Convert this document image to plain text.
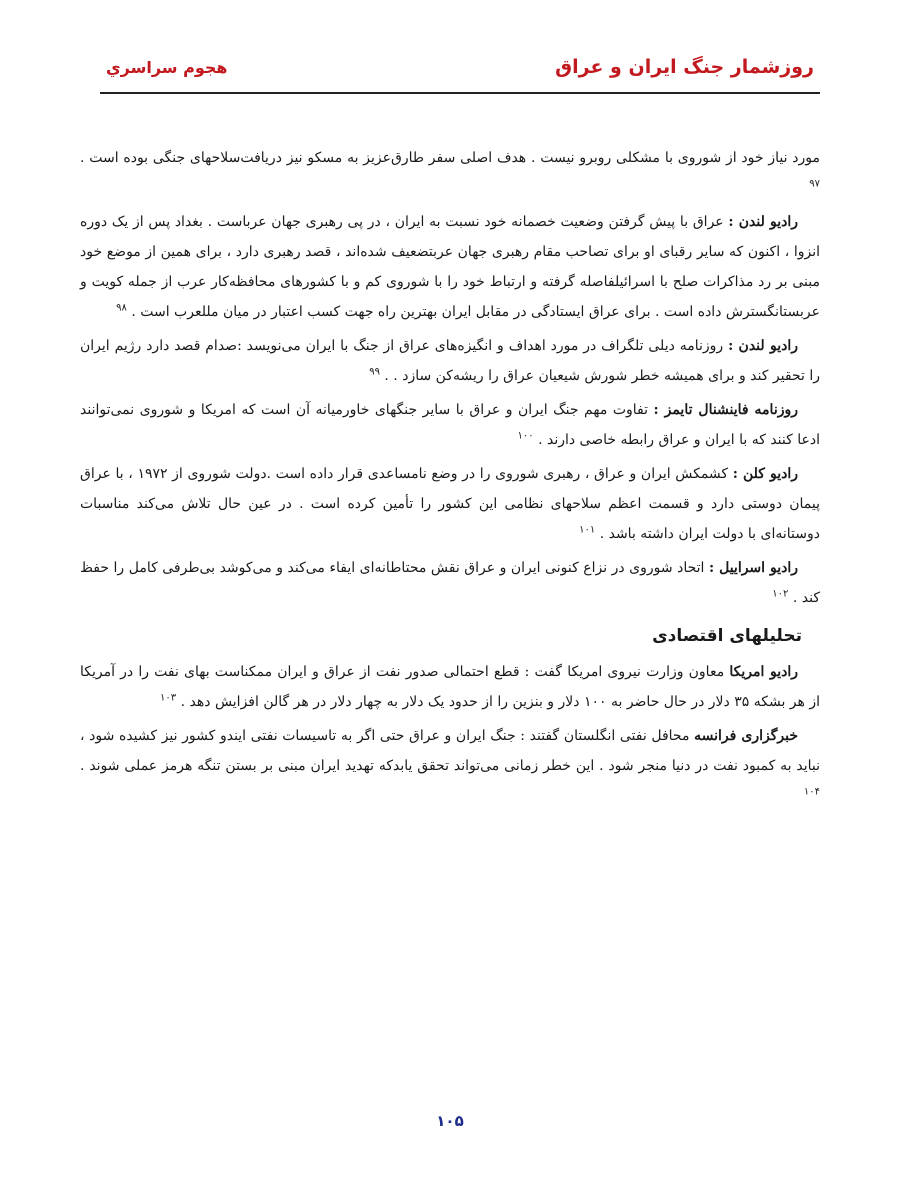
روزشمار جنگ ایران و عراق
هجوم سراسري

مورد نیاز خود از شوروی با مشکلی روبرو نیست . هدف اصلی سفر طارق‌عزیز به مسکو نیز دریافت‌سلاحهای جنگی بوده است . $^{۹۷}$

رادیو لندن : عراق با پیش گرفتن وضعیت خصمانه خود نسبت به ایران ، در پی رهبری جهان عرباست . بغداد پس از یک دوره انزوا ، اکنون که سایر رقبای او برای تصاحب مقام رهبری جهان عربتضعیف شده‌اند ، قصد رهبری دارد ، برای همین از موضع خود مبنی بر رد مذاکرات صلح با اسرائیلفاصله گرفته و ارتباط خود را با شوروی کم و با کشورهای محافظه‌کار عرب از جمله کویت و عربستانگسترش داده است . برای عراق ایستادگی در مقابل ایران بهترین راه جهت کسب اعتبار در میان مللعرب است . $^{۹۸}$

رادیو لندن : روزنامه دیلی تلگراف در مورد اهداف و انگیزه‌های عراق از جنگ با ایران می‌نویسد :صدام قصد دارد رژیم ایران را تحقیر کند و برای همیشه خطر شورش شیعیان عراق را ریشه‌کن سازد . . $^{۹۹}$

روزنامه فاینشنال تایمز : تفاوت مهم جنگ ایران و عراق با سایر جنگهای خاورمیانه آن است که امریکا و شوروی نمی‌توانند ادعا کنند که با ایران و عراق رابطه خاصی دارند . $^{۱۰۰}$

رادیو کلن : کشمکش ایران و عراق ، رهبری شوروی را در وضع نامساعدی قرار داده است .دولت شوروی از ۱۹۷۲ ، با عراق پیمان دوستی دارد و قسمت اعظم سلاحهای نظامی این کشور را تأمین کرده است . در عین حال تلاش می‌کند مناسبات دوستانه‌ای با دولت ایران داشته باشد . $^{۱۰۱}$

رادیو اسراییل : اتحاد شوروی در نزاع کنونی ایران و عراق نقش محتاطانه‌ای ایفاء می‌کند و می‌کوشد بی‌طرفی کامل را حفظ کند . $^{۱۰۲}$

تحلیلهای اقتصادی

رادیو امریکا معاون وزارت نیروی امریکا گفت : قطع احتمالی صدور نفت از عراق و ایران ممکناست بهای نفت را در آمریکا از هر بشکه ۳۵ دلار در حال حاضر به ۱۰۰ دلار و بنزین را از حدود یک دلار به چهار دلار در هر گالن افزایش دهد . $^{۱۰۳}$

خبرگزاری فرانسه محافل نفتی انگلستان گفتند : جنگ ایران و عراق حتی اگر به تاسیسات نفتی ایندو کشور نیز کشیده شود ، نباید به کمبود نفت در دنیا منجر شود . این خطر زمانی می‌تواند تحقق یابدکه تهدید ایران مبنی بر بستن تنگه هرمز عملی شوند . $^{۱۰۴}$

۱۰۵
